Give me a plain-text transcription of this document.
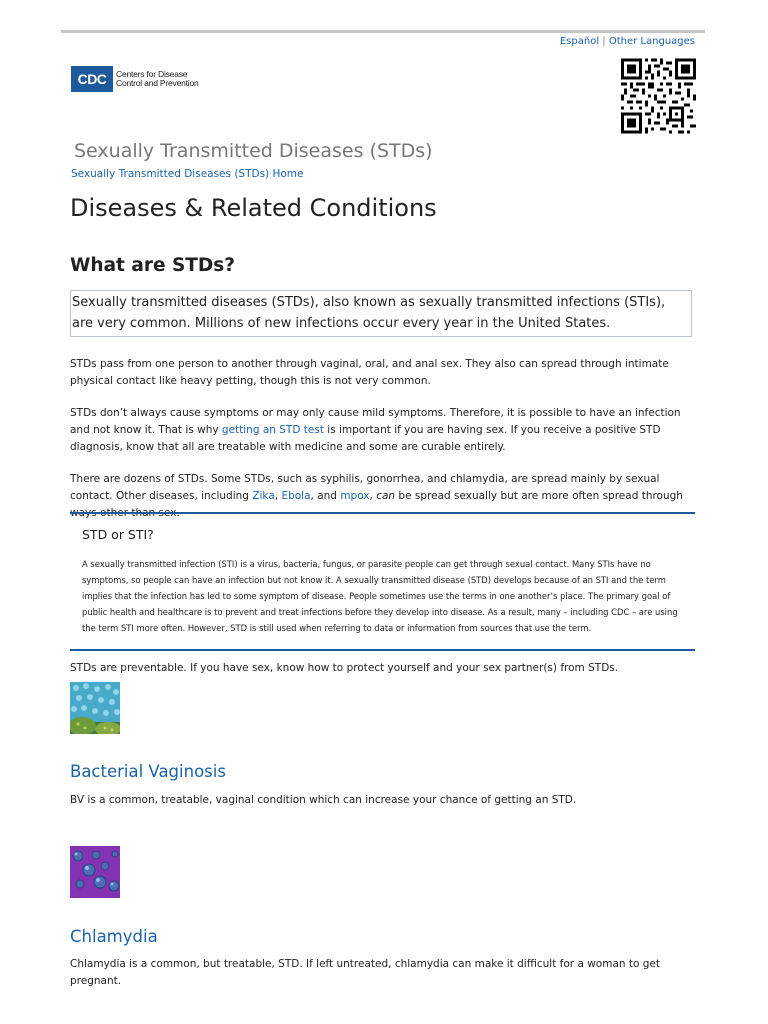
Español | Other Languages
CDC	Centers for Disease
Control and Prevention
Sexually Transmitted Diseases (STDs)
Sexually Transmitted Diseases (STDs) Home
Diseases & Related Conditions
What are STDs?
Sexually transmitted diseases (STDs), also known as sexually transmitted infections (STIs), are very common. Millions of new infections occur every year in the United States.

STDs pass from one person to another through vaginal, oral, and anal sex. They also can spread through intimate physical contact like heavy petting, though this is not very common.

STDs don’t always cause symptoms or may only cause mild symptoms. Therefore, it is possible to have an infection and not know it. That is why getting an STD test is important if you are having sex. If you receive a positive STD diagnosis, know that all are treatable with medicine and some are curable entirely.

There are dozens of STDs. Some STDs, such as syphilis, gonorrhea, and chlamydia, are spread mainly by sexual contact. Other diseases, including Zika, Ebola, and mpox, can be spread sexually but are more often spread through ways other than sex.

STD or STI?

A sexually transmitted infection (STI) is a virus, bacteria, fungus, or parasite people can get through sexual contact. Many STIs have no symptoms, so people can have an infection but not know it. A sexually transmitted disease (STD) develops because of an STI and the term implies that the infection has led to some symptom of disease. People sometimes use the terms in one another’s place. The primary goal of public health and healthcare is to prevent and treat infections before they develop into disease. As a result, many – including CDC – are using the term STI more often. However, STD is still used when referring to data or information from sources that use the term.

STDs are preventable. If you have sex, know how to protect yourself and your sex partner(s) from STDs.

Bacterial Vaginosis

BV is a common, treatable, vaginal condition which can increase your chance of getting an STD.

Chlamydia

Chlamydia is a common, but treatable, STD. If left untreated, chlamydia can make it difficult for a woman to get pregnant.
